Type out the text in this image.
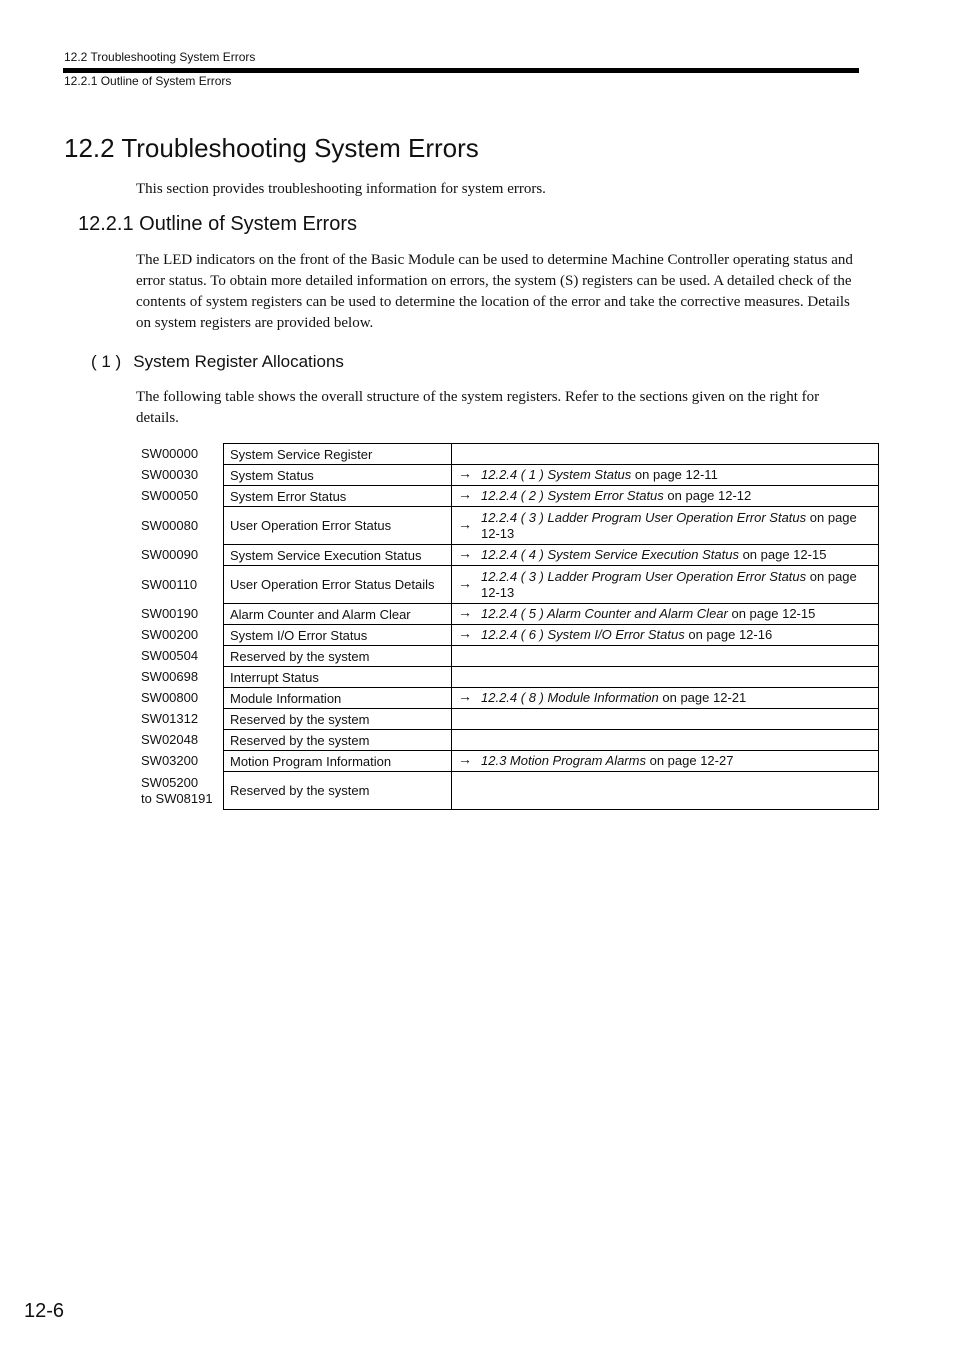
12.2 Troubleshooting System Errors
12.2.1 Outline of System Errors
12.2 Troubleshooting System Errors

This section provides troubleshooting information for system errors.

12.2.1 Outline of System Errors

The LED indicators on the front of the Basic Module can be used to determine Machine Controller operating status and error status. To obtain more detailed information on errors, the system (S) registers can be used. A detailed check of the contents of system registers can be used to determine the location of the error and take the corrective measures. Details on system registers are provided below.

( 1 ) System Register Allocations

The following table shows the overall structure of the system registers. Refer to the sections given on the right for details.

SW00000	System Service Register	

SW00030	System Status	→ 12.2.4 ( 1 ) System Status on page 12-11

SW00050	System Error Status	→ 12.2.4 ( 2 ) System Error Status on page 12-12

SW00080	User Operation Error Status	→
12.2.4 ( 3 ) Ladder Program User Operation Error Status on page 12-13

SW00090	System Service Execution Status	→ 12.2.4 ( 4 ) System Service Execution Status on page 12-15

SW00110	User Operation Error Status Details	→
12.2.4 ( 3 ) Ladder Program User Operation Error Status on page 12-13

SW00190	Alarm Counter and Alarm Clear	→ 12.2.4 ( 5 ) Alarm Counter and Alarm Clear on page 12-15

SW00200	System I/O Error Status	→ 12.2.4 ( 6 ) System I/O Error Status on page 12-16

SW00504	Reserved by the system	

SW00698	Interrupt Status	

SW00800	Module Information	→ 12.2.4 ( 8 ) Module Information on page 12-21

SW01312	Reserved by the system	

SW02048	Reserved by the system	

SW03200	Motion Program Information	→ 12.3 Motion Program Alarms on page 12-27

SW05200
to SW08191	Reserved by the system	
12-6
